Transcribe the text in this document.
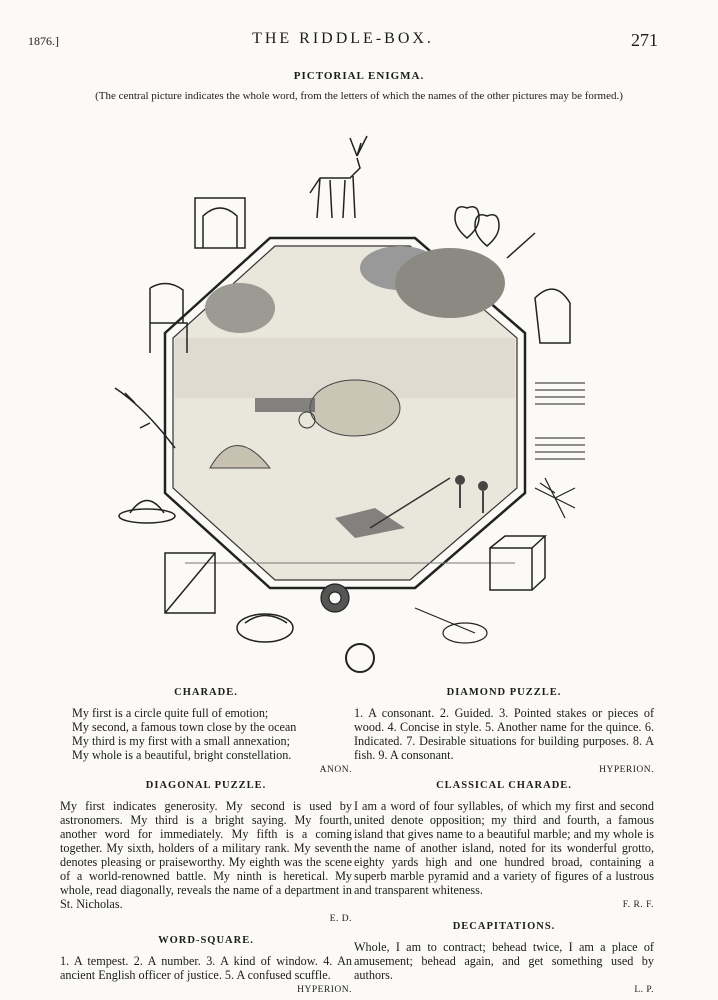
1876.]	THE RIDDLE-BOX.	271
PICTORIAL ENIGMA.
(The central picture indicates the whole word, from the letters of which the names of the other pictures may be formed.)
CHARADE.
My first is a circle quite full of emotion;
My second, a famous town close by the ocean
My third is my first with a small annexation;
My whole is a beautiful, bright constellation.
ANON.
DIAGONAL PUZZLE.
My first indicates generosity. My second is used by astronomers. My third is a bright saying. My fourth, another word for immediately. My fifth is a coming together. My sixth, holders of a military rank. My seventh denotes pleasing or praiseworthy. My eighth was the scene of a world-renowned battle. My ninth is heretical. My whole, read diagonally, reveals the name of a department in St. Nicholas.
E. D.
WORD-SQUARE.
1. A tempest. 2. A number. 3. A kind of window. 4. An ancient English officer of justice. 5. A confused scuffle.
HYPERION.
DIAMOND PUZZLE.
1. A consonant. 2. Guided. 3. Pointed stakes or pieces of wood. 4. Concise in style. 5. Another name for the quince. 6. Indicated. 7. Desirable situations for building purposes. 8. A fish. 9. A consonant.
HYPERION.
CLASSICAL CHARADE.
I am a word of four syllables, of which my first and second united denote opposition; my third and fourth, a famous island that gives name to a beautiful marble; and my whole is the name of another island, noted for its wonderful grotto, eighty yards high and one hundred broad, containing a superb marble pyramid and a variety of figures of a lustrous and transparent whiteness.
F. R. F.
DECAPITATIONS.
Whole, I am to contract; behead twice, I am a place of amusement; behead again, and get something used by authors.
L. P.
